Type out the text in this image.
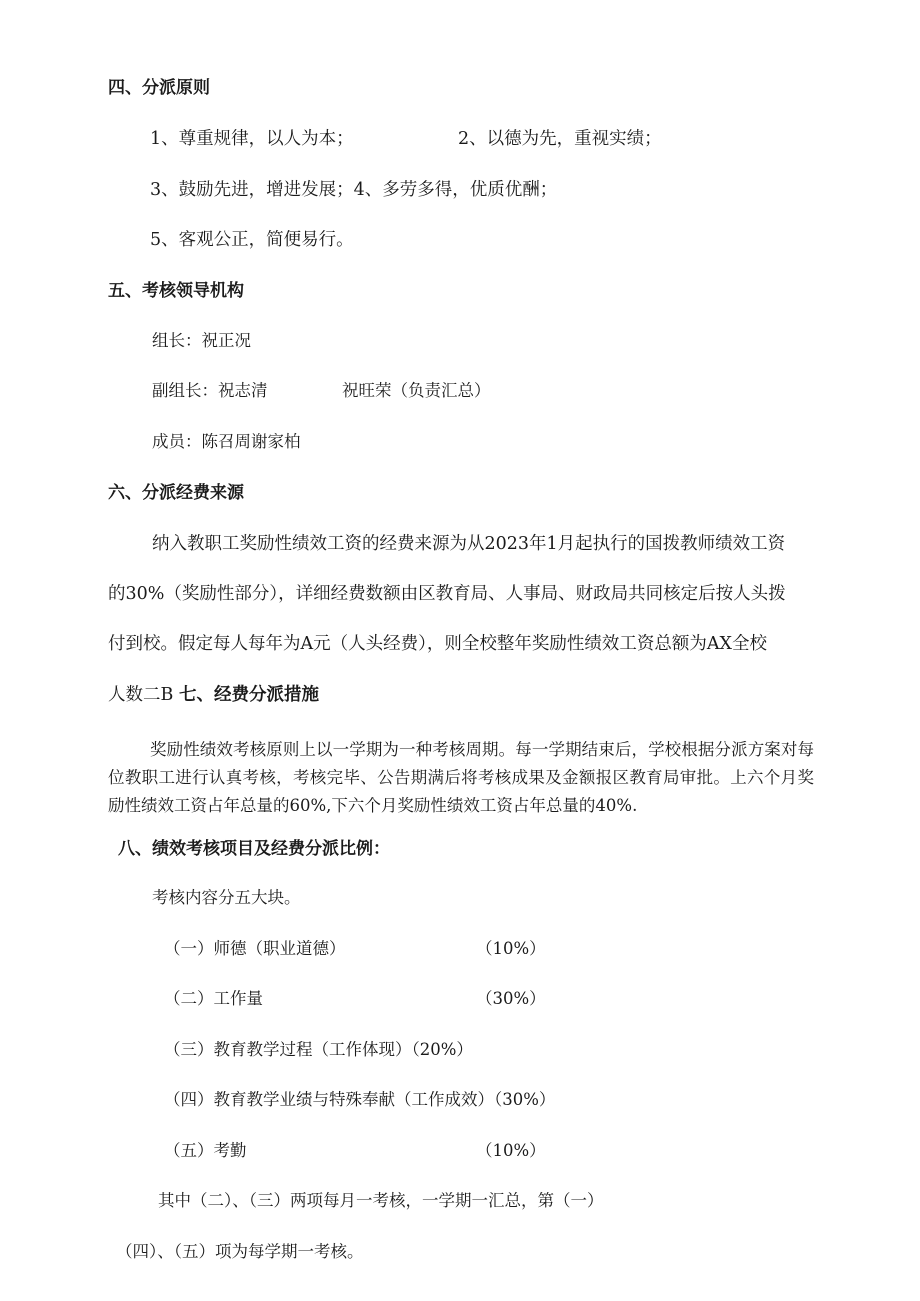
四、分派原则
1、尊重规律，以人为本；	2、以德为先，重视实绩；
3、鼓励先进，增进发展；4、多劳多得，优质优酬；
5、客观公正，简便易行。
五、考核领导机构
组长：祝正况
副组长：祝志清	祝旺荣（负责汇总）
成员：陈召周谢家柏
六、分派经费来源
纳入教职工奖励性绩效工资的经费来源为从2023年1月起执行的国拨教师绩效工资
的30%（奖励性部分），详细经费数额由区教育局、人事局、财政局共同核定后按人头拨
付到校。假定每人每年为A元（人头经费），则全校整年奖励性绩效工资总额为AX全校
人数二B 七、经费分派措施
奖励性绩效考核原则上以一学期为一种考核周期。每一学期结束后，学校根据分派方案对每位教职工进行认真考核，考核完毕、公告期满后将考核成果及金额报区教育局审批。上六个月奖励性绩效工资占年总量的60%,下六个月奖励性绩效工资占年总量的40%.
八、绩效考核项目及经费分派比例：
考核内容分五大块。
（一）师德（职业道德）	（10%）
（二）工作量	（30%）
（三）教育教学过程（工作体现）（20%）
（四）教育教学业绩与特殊奉献（工作成效）（30%）
（五）考勤	（10%）
其中（二）、（三）两项每月一考核，一学期一汇总，第（一）
（四）、（五）项为每学期一考核。
